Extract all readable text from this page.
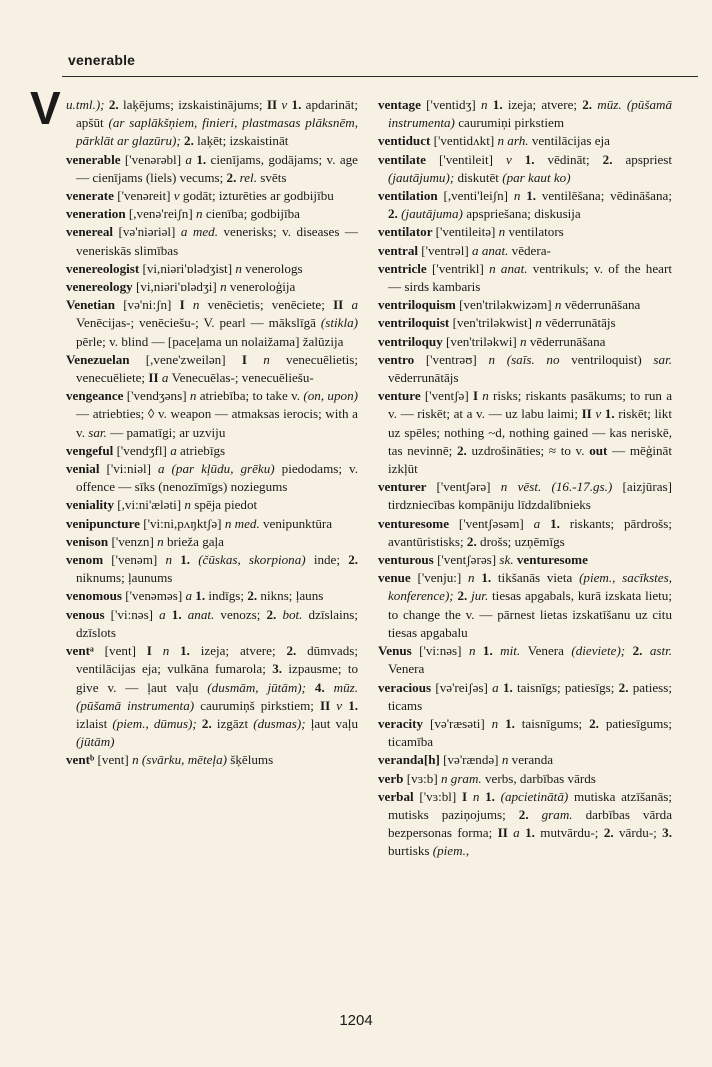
venerable
V u.tml.); 2. laķējums; izskaistinājums; II v 1. apdarināt; apšūt (ar saplākšņiem, finieri, plastmasas plāksnēm, pārklāt ar glazūru); 2. laķēt; izskaistināt

venerable ['venərəbl] a 1. cienījams, godājams; v. age — cienījams (liels) vecums; 2. rel. svēts

venerate ['venəreit] v godāt; izturēties ar godbijību

veneration [,venə'reiʃn] n cienība; godbijība

venereal [və'niəriəl] a med. venerisks; v. diseases — veneriskās slimības

venereologist [vi,niəri'ɒlədʒist] n venerologs

venereology [vi,niəri'ɒlədʒi] n veneroloģija

Venetian [və'ni:ʃn] I n venēcietis; venēciete; II a Venēcijas-; venēciešu-; V. pearl — mākslīgā (stikla) pērle; v. blind — [paceļama un nolaižama] žalūzija

Venezuelan [,vene'zweilən] I n venecuēlietis; venecuēliete; II a Venecuēlas-; venecuēliešu-

vengeance ['vendʒəns] n atriebība; to take v. (on, upon) — atriebties; ◊ v. weapon — atmaksas ierocis; with a v. sar. — pamatīgi; ar uzviju

vengeful ['vendʒfl] a atriebīgs

venial ['vi:niəl] a (par kļūdu, grēku) piedodams; v. offence — sīks (nenozīmīgs) noziegums

veniality [,vi:ni'æləti] n spēja piedot

venipuncture ['vi:ni,pʌŋktʃə] n med. venipunktūra

venison ['venzn] n brieža gaļa

venom ['venəm] n 1. (čūskas, skorpiona) inde; 2. niknums; ļaunums

venomous ['venəməs] a 1. indīgs; 2. nikns; ļauns

venous ['vi:nəs] a 1. anat. venozs; 2. bot. dzīslains; dzīslots

ventᵃ [vent] I n 1. izeja; atvere; 2. dūmvads; ventilācijas eja; vulkāna fumarola; 3. izpausme; to give v. — ļaut vaļu (dusmām, jūtām); 4. mūz. (pūšamā instrumenta) caurumiņš pirkstiem; II v 1. izlaist (piem., dūmus); 2. izgāzt (dusmas); ļaut vaļu (jūtām)

ventᵇ [vent] n (svārku, mēteļa) šķēlums

ventage ['ventidʒ] n 1. izeja; atvere; 2. mūz. (pūšamā instrumenta) caurumiņi pirkstiem

ventiduct ['ventidʌkt] n arh. ventilācijas eja

ventilate ['ventileit] v 1. vēdināt; 2. apspriest (jautājumu); diskutēt (par kaut ko)

ventilation [,venti'leiʃn] n 1. ventilēšana; vēdināšana; 2. (jautājuma) apspriešana; diskusija

ventilator ['ventileitə] n ventilators

ventral ['ventrəl] a anat. vēdera-

ventricle ['ventrikl] n anat. ventrikuls; v. of the heart — sirds kambaris

ventriloquism [ven'triləkwizəm] n vēderrunāšana

ventriloquist [ven'triləkwist] n vēderrunātājs

ventriloquy [ven'triləkwi] n vēderrunāšana

ventro ['ventrəʊ] n (saīs. no ventriloquist) sar. vēderrunātājs

venture ['ventʃə] I n risks; riskants pasākums; to run a v. — riskēt; at a v. — uz labu laimi; II v 1. riskēt; likt uz spēles; nothing ~d, nothing gained — kas neriskē, tas nevinnē; 2. uzdrošināties; ≈ to v. out — mēģināt izkļūt

venturer ['ventʃərə] n vēst. (16.-17.gs.) [aizjūras] tirdzniecības kompāniju līdzdalībnieks

venturesome ['ventʃəsəm] a 1. riskants; pārdrošs; avantūristisks; 2. drošs; uzņēmīgs

venturous ['ventʃərəs] sk. venturesome

venue ['venju:] n 1. tikšanās vieta (piem., sacīkstes, konference); 2. jur. tiesas apgabals, kurā izskata lietu; to change the v. — pārnest lietas izskatīšanu uz citu tiesas apgabalu

Venus ['vi:nəs] n 1. mit. Venera (dieviete); 2. astr. Venera

veracious [və'reiʃəs] a 1. taisnīgs; patiesīgs; 2. patiess; ticams

veracity [və'ræsəti] n 1. taisnīgums; 2. patiesīgums; ticamība

veranda[h] [və'rændə] n veranda

verb [vɜ:b] n gram. verbs, darbības vārds

verbal ['vɜ:bl] I n 1. (apcietinātā) mutiska atzīšanās; mutisks paziņojums; 2. gram. darbības vārda bezpersonas forma; II a 1. mutvārdu-; 2. vārdu-; 3. burtisks (piem.,

1204
